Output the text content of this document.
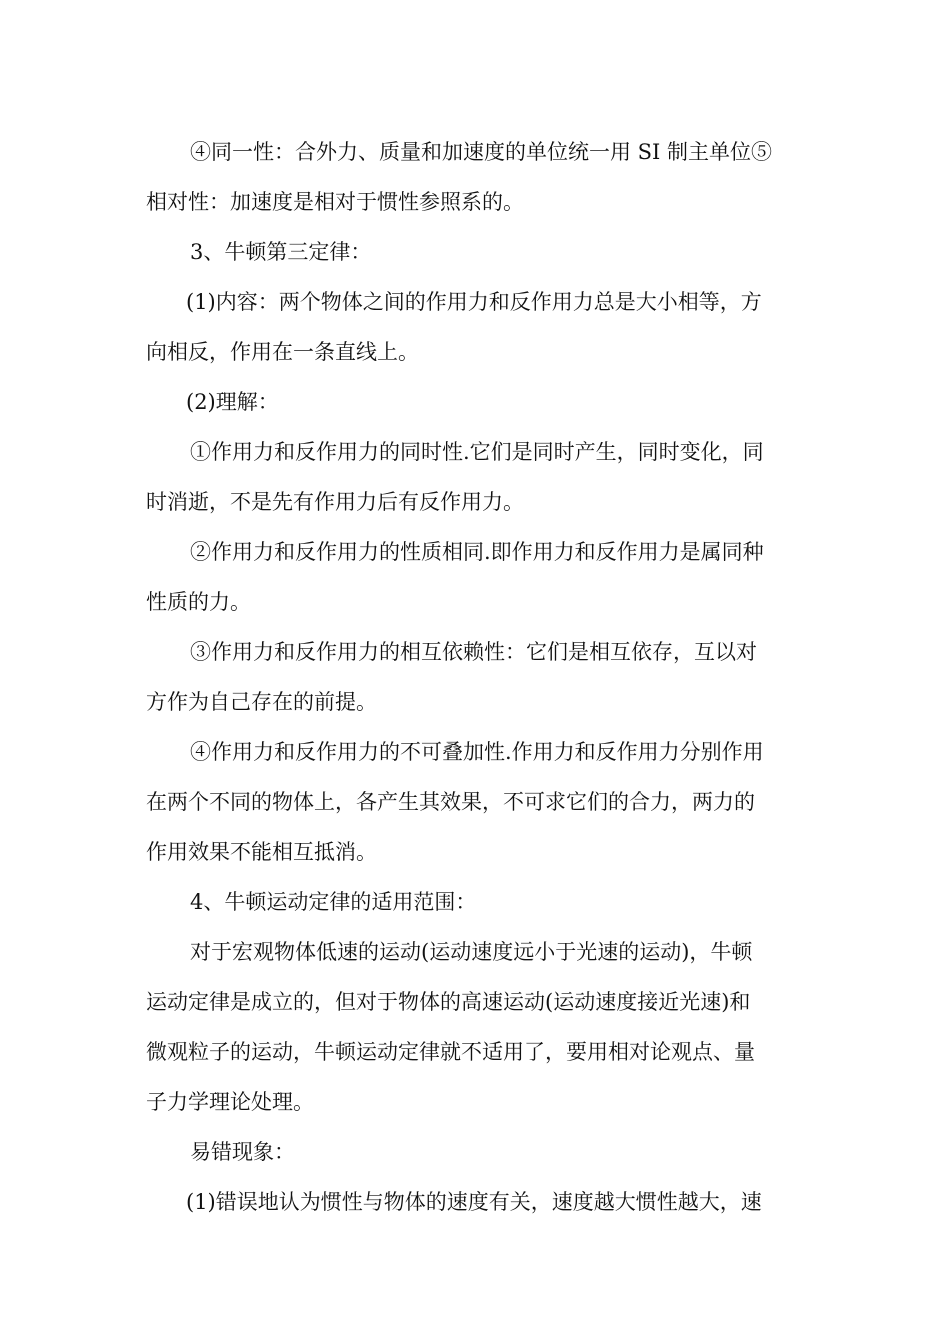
④同一性：合外力、质量和加速度的单位统一用 SI 制主单位⑤

相对性：加速度是相对于惯性参照系的。

3、牛顿第三定律：

(1)内容：两个物体之间的作用力和反作用力总是大小相等，方

向相反，作用在一条直线上。

(2)理解：

①作用力和反作用力的同时性.它们是同时产生，同时变化，同

时消逝，不是先有作用力后有反作用力。

②作用力和反作用力的性质相同.即作用力和反作用力是属同种

性质的力。

③作用力和反作用力的相互依赖性：它们是相互依存，互以对

方作为自己存在的前提。

④作用力和反作用力的不可叠加性.作用力和反作用力分别作用

在两个不同的物体上，各产生其效果，不可求它们的合力，两力的

作用效果不能相互抵消。

4、牛顿运动定律的适用范围：

对于宏观物体低速的运动(运动速度远小于光速的运动)，牛顿

运动定律是成立的，但对于物体的高速运动(运动速度接近光速)和

微观粒子的运动，牛顿运动定律就不适用了，要用相对论观点、量

子力学理论处理。

易错现象：

(1)错误地认为惯性与物体的速度有关，速度越大惯性越大，速
